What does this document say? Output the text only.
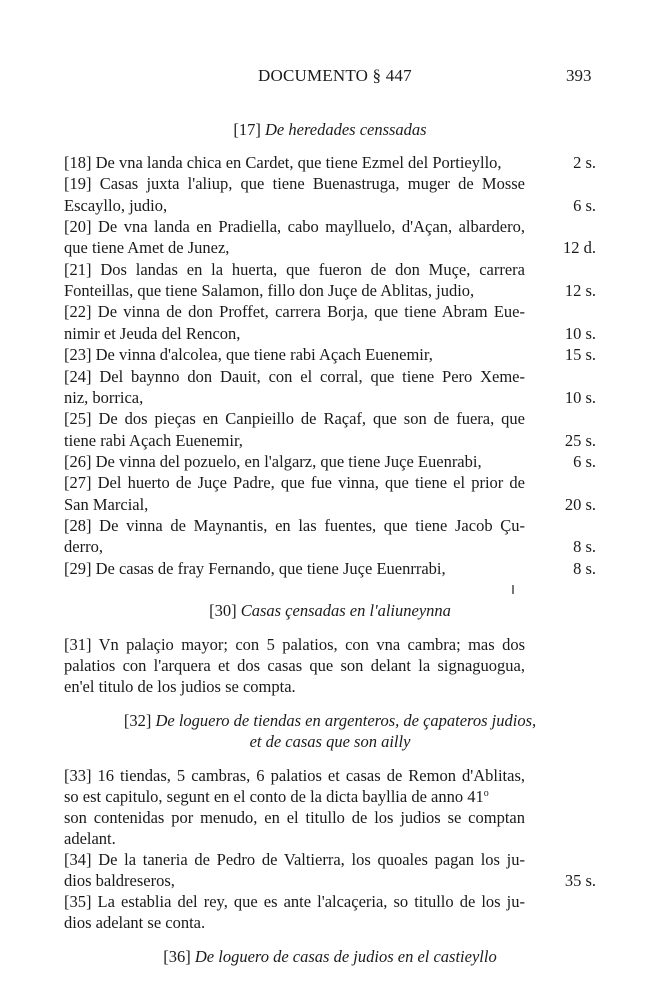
DOCUMENTO § 447	393
[17] De heredades censsadas
[18] De vna landa chica en Cardet, que tiene Ezmel del Portieyllo,	2 s.
[19] Casas juxta l'aliup, que tiene Buenastruga, muger de Mosse
Escayllo, judio,	6 s.
[20] De vna landa en Pradiella, cabo maylluelo, d'Açan, albardero,
que tiene Amet de Junez,	12 d.
[21] Dos landas en la huerta, que fueron de don Muçe, carrera
Fonteillas, que tiene Salamon, fillo don Juçe de Ablitas, judio,	12 s.
[22] De vinna de don Proffet, carrera Borja, que tiene Abram Eue-
nimir et Jeuda del Rencon,	10 s.
[23] De vinna d'alcolea, que tiene rabi Açach Euenemir,	15 s.
[24] Del baynno don Dauit, con el corral, que tiene Pero Xeme-
niz, borrica,	10 s.
[25] De dos pieças en Canpieillo de Raçaf, que son de fuera, que
tiene rabi Açach Euenemir,	25 s.
[26] De vinna del pozuelo, en l'algarz, que tiene Juçe Euenrabi,	6 s.
[27] Del huerto de Juçe Padre, que fue vinna, que tiene el prior de
San Marcial,	20 s.
[28] De vinna de Maynantis, en las fuentes, que tiene Jacob Çu-
derro,	8 s.
[29] De casas de fray Fernando, que tiene Juçe Euenrrabi,	8 s.
[30] Casas çensadas en l'aliuneynna
[31] Vn palaçio mayor; con 5 palatios, con vna cambra; mas dos
palatios con l'arquera et dos casas que son delant la signaguogua,
en'el titulo de los judios se compta.
[32] De loguero de tiendas en argenteros, de çapateros judios,
et de casas que son ailly
[33] 16 tiendas, 5 cambras, 6 palatios et casas de Remon d'Ablitas,
so est capitulo, segunt en el conto de la dicta bayllia de anno 41$^o$
son contenidas por menudo, en el titullo de los judios se comptan
adelant.
[34] De la taneria de Pedro de Valtierra, los quoales pagan los ju-
dios baldreseros,	35 s.
[35] La establia del rey, que es ante l'alcaçeria, so titullo de los ju-
dios adelant se conta.
[36] De loguero de casas de judios en el castieyllo
